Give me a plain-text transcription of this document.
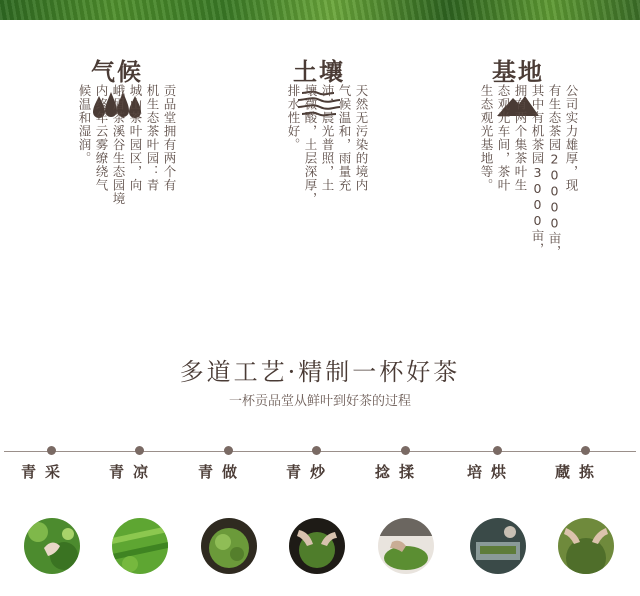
气候
贡品堂拥有两个有
机生态茶叶园：青
城山茶叶园区，向
峨眉茶溪谷生态园境
内终年云雾缭绕气
候温和湿润。
土壤
天然无污染的境内
气候温和，雨量充
沛，晨光普照，土
壤微酸，土层深厚，
排水性好。
基地
公司实力雄厚，现
有生态茶园20000亩，
其中有机茶园3000亩，
拥有两个集茶叶生
态观光车间，茶叶
生态观光基地等。
多道工艺·精制一杯好茶
一杯贡品堂从鲜叶到好茶的过程
采青	凉青	做青	炒青	揉捻	烘培	拣蔵
